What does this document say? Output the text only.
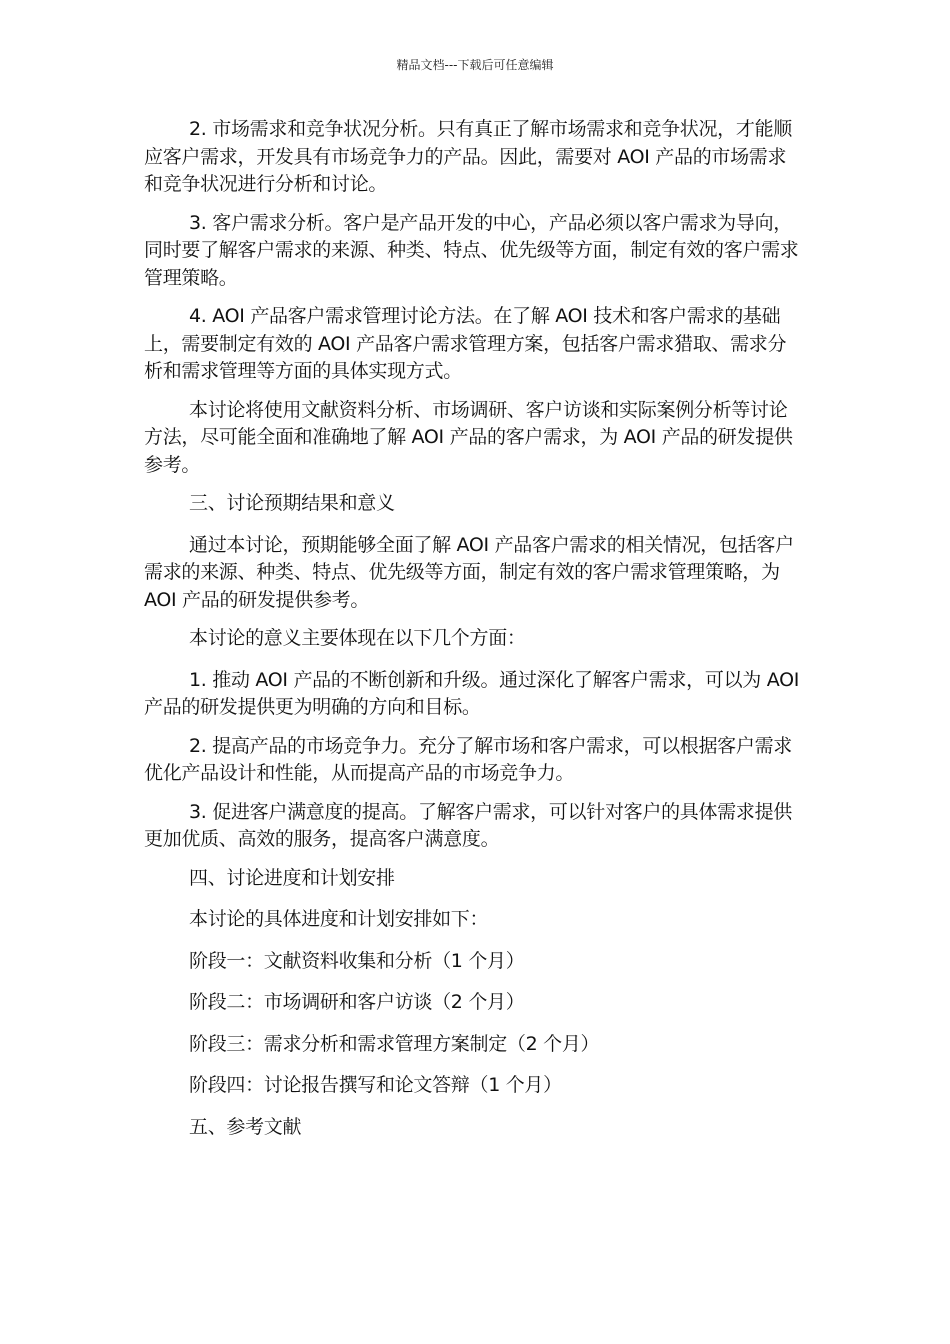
精品文档---下载后可任意编辑

2. 市场需求和竞争状况分析。只有真正了解市场需求和竞争状况，才能顺应客户需求，开发具有市场竞争力的产品。因此，需要对 AOI 产品的市场需求和竞争状况进行分析和讨论。

3. 客户需求分析。客户是产品开发的中心，产品必须以客户需求为导向，同时要了解客户需求的来源、种类、特点、优先级等方面，制定有效的客户需求管理策略。

4. AOI 产品客户需求管理讨论方法。在了解 AOI 技术和客户需求的基础上，需要制定有效的 AOI 产品客户需求管理方案，包括客户需求猎取、需求分析和需求管理等方面的具体实现方式。

本讨论将使用文献资料分析、市场调研、客户访谈和实际案例分析等讨论方法，尽可能全面和准确地了解 AOI 产品的客户需求，为 AOI 产品的研发提供参考。

三、讨论预期结果和意义

通过本讨论，预期能够全面了解 AOI 产品客户需求的相关情况，包括客户需求的来源、种类、特点、优先级等方面，制定有效的客户需求管理策略，为 AOI 产品的研发提供参考。

本讨论的意义主要体现在以下几个方面：

1. 推动 AOI 产品的不断创新和升级。通过深化了解客户需求，可以为 AOI 产品的研发提供更为明确的方向和目标。

2. 提高产品的市场竞争力。充分了解市场和客户需求，可以根据客户需求优化产品设计和性能，从而提高产品的市场竞争力。

3. 促进客户满意度的提高。了解客户需求，可以针对客户的具体需求提供更加优质、高效的服务，提高客户满意度。

四、讨论进度和计划安排

本讨论的具体进度和计划安排如下：

阶段一：文献资料收集和分析（1 个月）

阶段二：市场调研和客户访谈（2 个月）

阶段三：需求分析和需求管理方案制定（2 个月）

阶段四：讨论报告撰写和论文答辩（1 个月）

五、参考文献
